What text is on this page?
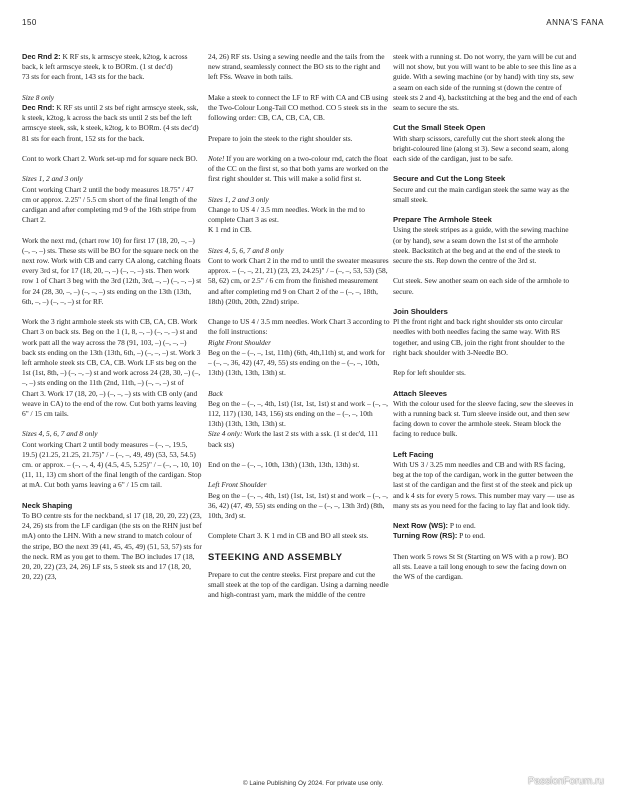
150	ANNA'S FANA

Dec Rnd 2: K RF sts, k armscye steek, k2tog, k across back, k left armscye steek, k to BORm. (1 st dec'd)
73 sts for each front, 143 sts for the back.

Size 8 only
Dec Rnd: K RF sts until 2 sts bef right armscye steek, ssk, k steek, k2tog, k across the back sts until 2 sts bef the left armscye steek, ssk, k steek, k2tog, k to BORm. (4 sts dec'd)
81 sts for each front, 152 sts for the back.

Cont to work Chart 2. Work set-up rnd for square neck BO.

Sizes 1, 2 and 3 only
Cont working Chart 2 until the body measures 18.75" / 47 cm or approx. 2.25" / 5.5 cm short of the final length of the cardigan and after completing rnd 9 of the 16th stripe from Chart 2.

Work the next rnd, (chart row 10) for first 17 (18, 20, –, –) (–, –, –) sts. These sts will be BO for the square neck on the next row. Work with CB and carry CA along, catching floats every 3rd st, for 17 (18, 20, –, –) (–, –, –) sts. Then work row 1 of Chart 3 beg with the 3rd (12th, 3rd, –, –) (–, –, –) st for 24 (28, 30, –, –) (–, –, –) sts ending on the 13th (13th, 6th, –, –) (–, –, –) st for RF.

Work the 3 right armhole steek sts with CB, CA, CB. Work Chart 3 on back sts. Beg on the 1 (1, 8, –, –) (–, –, –) st and work patt all the way across the 78 (91, 103, –) (–, –, –) back sts ending on the 13th (13th, 6th, –) (–, –, –) st. Work 3 left armhole steek sts CB, CA, CB. Work LF sts beg on the 1st (1st, 8th, –) (–, –, –) st and work across 24 (28, 30, –) (–, –, –) sts ending on the 11th (2nd, 11th, –) (–, –, –) st of Chart 3. Work 17 (18, 20, –) (–, –, –) sts with CB only (and weave in CA) to the end of the row. Cut both yarns leaving 6" / 15 cm tails.

Sizes 4, 5, 6, 7 and 8 only
Cont working Chart 2 until body measures – (–, –, 19.5, 19.5) (21.25, 21.25, 21.75)" / – (–, –, 49, 49) (53, 53, 54.5) cm. or approx. – (–, –, 4, 4) (4.5, 4.5, 5.25)" / – (–, –, 10, 10) (11, 11, 13) cm short of the final length of the cardigan. Stop at mA. Cut both yarns leaving a 6" / 15 cm tail.

Neck Shaping

To BO centre sts for the neckband, sl 17 (18, 20, 20, 22) (23, 24, 26) sts from the LF cardigan (the sts on the RHN just bef mA) onto the LHN. With a new strand to match colour of the stripe, BO the next 39 (41, 45, 45, 49) (51, 53, 57) sts for the neck. RM as you get to them. The BO includes 17 (18, 20, 20, 22) (23, 24, 26) LF sts, 5 steek sts and 17 (18, 20, 20, 22) (23,

24, 26) RF sts. Using a sewing needle and the tails from the new strand, seamlessly connect the BO sts to the right and left FSs. Weave in both tails.

Make a steek to connect the LF to RF with CA and CB using the Two-Colour Long-Tail CO method. CO 5 steek sts in the following order: CB, CA, CB, CA, CB.

Prepare to join the steek to the right shoulder sts.

Note! If you are working on a two-colour rnd, catch the float of the CC on the first st, so that both yarns are worked on the first right shoulder st. This will make a solid first st.

Sizes 1, 2 and 3 only
Change to US 4 / 3.5 mm needles. Work in the rnd to complete Chart 3 as est.
K 1 rnd in CB.

Sizes 4, 5, 6, 7 and 8 only
Cont to work Chart 2 in the rnd to until the sweater measures approx. – (–, –, 21, 21) (23, 23, 24.25)" / – (–, –, 53, 53) (58, 58, 62) cm, or 2.5" / 6 cm from the finished measurement and after completing rnd 9 on Chart 2 of the – (–, –, 18th, 18th) (20th, 20th, 22nd) stripe.

Change to US 4 / 3.5 mm needles. Work Chart 3 according to the foll instructions:
Right Front Shoulder
Beg on the – (–, –, 1st, 11th) (6th, 4th,11th) st, and work for – (–, –, 36, 42) (47, 49, 55) sts ending on the – (–, –, 10th, 13th) (13th, 13th, 13th) st.

Back
Beg on the – (–, –, 4th, 1st) (1st, 1st, 1st) st and work – (–, –, 112, 117) (130, 143, 156) sts ending on the – (–, –, 10th 13th) (13th, 13th, 13th) st.
Size 4 only: Work the last 2 sts with a ssk. (1 st dec'd, 111 back sts)

End on the – (–, –, 10th, 13th) (13th, 13th, 13th) st.

Left Front Shoulder
Beg on the – (–, –, 4th, 1st) (1st, 1st, 1st) st and work – (–, –, 36, 42) (47, 49, 55) sts ending on the – (–, –, 13th 3rd) (8th, 10th, 3rd) st.

Complete Chart 3. K 1 rnd in CB and BO all steek sts.

STEEKING AND ASSEMBLY

Prepare to cut the centre steeks. First prepare and cut the small steek at the top of the cardigan. Using a darning needle and high-contrast yarn, mark the middle of the centre

steek with a running st. Do not worry, the yarn will be cut and will not show, but you will want to be able to see this line as a guide. With a sewing machine (or by hand) with tiny sts, sew a seam on each side of the running st (down the centre of steek sts 2 and 4), backstitching at the beg and the end of each seam to secure the sts.

Cut the Small Steek Open

With sharp scissors, carefully cut the short steek along the bright-coloured line (along st 3). Sew a second seam, along each side of the cardigan, just to be safe.

Secure and Cut the Long Steek

Secure and cut the main cardigan steek the same way as the small steek.

Prepare The Armhole Steek

Using the steek stripes as a guide, with the sewing machine (or by hand), sew a seam down the 1st st of the armhole steek. Backstitch at the beg and at the end of the steek to secure the sts. Rep down the centre of the 3rd st.

Cut steek. Sew another seam on each side of the armhole to secure.

Join Shoulders

Pl the front right and back right shoulder sts onto circular needles with both needles facing the same way. With RS together, and using CB, join the right front shoulder to the right back shoulder with 3-Needle BO.

Rep for left shoulder sts.

Attach Sleeves

With the colour used for the sleeve facing, sew the sleeves in with a running back st. Turn sleeve inside out, and then sew facing down to cover the armhole steek. Steam block the facing to reduce bulk.

Left Facing

With US 3 / 3.25 mm needles and CB and with RS facing, beg at the top of the cardigan, work in the gutter between the last st of the cardigan and the first st of the steek and pick up and k 4 sts for every 5 rows. This number may vary — use as many sts as you need for the facing to lay flat and look tidy.

Next Row (WS): P to end.
Turning Row (RS): P to end.

Then work 5 rows St St (Starting on WS with a p row). BO all sts. Leave a tail long enough to sew the facing down on the WS of the cardigan.

© Laine Publishing Oy 2024. For private use only.	PassionForum.ru
